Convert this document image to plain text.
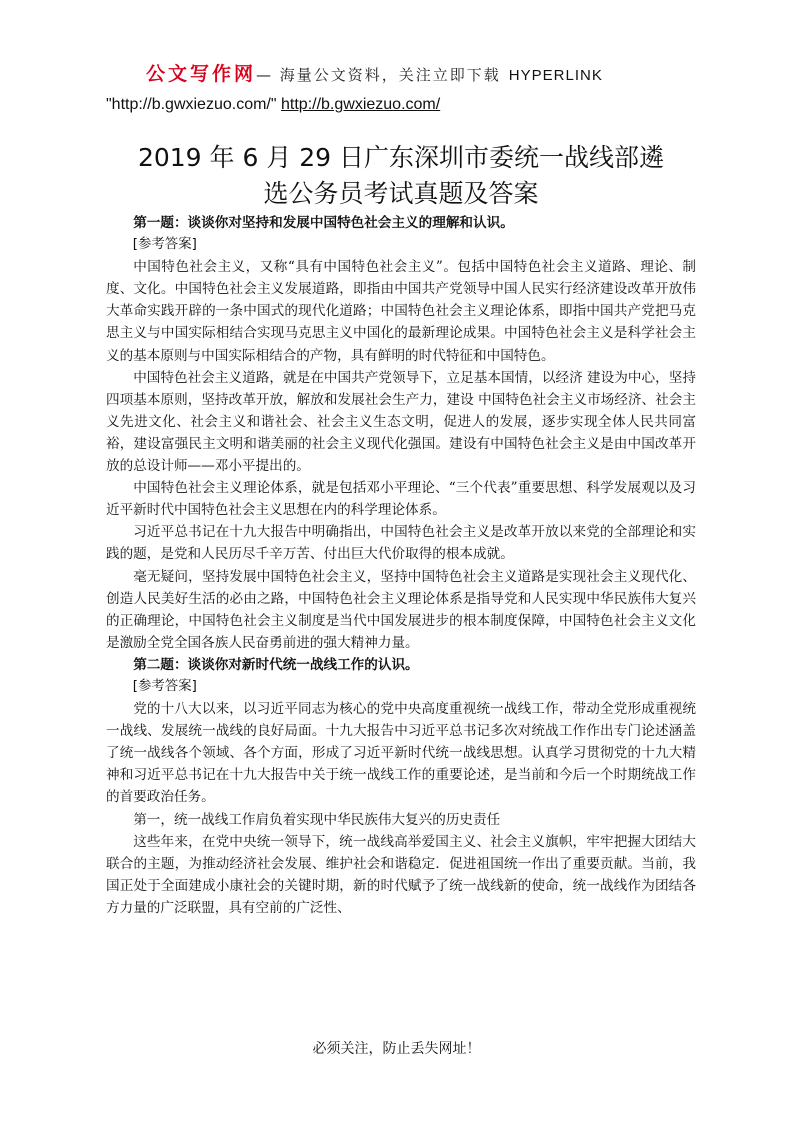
公文写作网— 海量公文资料，关注立即下载 HYPERLINK
"http://b.gwxiezuo.com/" http://b.gwxiezuo.com/
2019 年 6 月 29 日广东深圳市委统一战线部遴
选公务员考试真题及答案

第一题：谈谈你对坚持和发展中国特色社会主义的理解和认识。

[参考答案]

中国特色社会主义，又称“具有中国特色社会主义”。包括中国特色社会主义道路、理论、制度、文化。中国特色社会主义发展道路，即指由中国共产党领导中国人民实行经济建设改革开放伟大革命实践开辟的一条中国式的现代化道路；中国特色社会主义理论体系，即指中国共产党把马克思主义与中国实际相结合实现马克思主义中国化的最新理论成果。中国特色社会主义是科学社会主义的基本原则与中国实际相结合的产物，具有鲜明的时代特征和中国特色。

中国特色社会主义道路，就是在中国共产党领导下，立足基本国情，以经济 建设为中心，坚持四项基本原则，坚持改革开放，解放和发展社会生产力，建设 中国特色社会主义市场经济、社会主义先进文化、社会主义和谐社会、社会主义生态文明，促进人的发展，逐步实现全体人民共同富裕，建设富强民主文明和谐美丽的社会主义现代化强国。建设有中国特色社会主义是由中国改革开放的总设计师——邓小平提出的。

中国特色社会主义理论体系，就是包括邓小平理论、“三个代表”重要思想、科学发展观以及习近平新时代中国特色社会主义思想在内的科学理论体系。

习近平总书记在十九大报告中明确指出，中国特色社会主义是改革开放以来党的全部理论和实践的题，是党和人民历尽千辛万苦、付出巨大代价取得的根本成就。

毫无疑问，坚持发展中国特色社会主义，坚持中国特色社会主义道路是实现社会主义现代化、创造人民美好生活的必由之路，中国特色社会主义理论体系是指导党和人民实现中华民族伟大复兴的正确理论，中国特色社会主义制度是当代中国发展进步的根本制度保障，中国特色社会主义文化是激励全党全国各族人民奋勇前进的强大精神力量。

第二题：谈谈你对新时代统一战线工作的认识。

[参考答案]

党的十八大以来，以习近平同志为核心的党中央高度重视统一战线工作，带动全党形成重视统一战线、发展统一战线的良好局面。十九大报告中习近平总书记多次对统战工作作出专门论述涵盖了统一战线各个领域、各个方面，形成了习近平新时代统一战线思想。认真学习贯彻党的十九大精神和习近平总书记在十九大报告中关于统一战线工作的重要论述，是当前和今后一个时期统战工作的首要政治任务。

第一，统一战线工作肩负着实现中华民族伟大复兴的历史责任

这些年来，在党中央统一领导下，统一战线高举爱国主义、社会主义旗帜，牢牢把握大团结大联合的主题，为推动经济社会发展、维护社会和谐稳定．促进祖国统一作出了重要贡献。当前，我国正处于全面建成小康社会的关键时期，新的时代赋予了统一战线新的使命，统一战线作为团结各方力量的广泛联盟，具有空前的广泛性、

必须关注，防止丢失网址！
